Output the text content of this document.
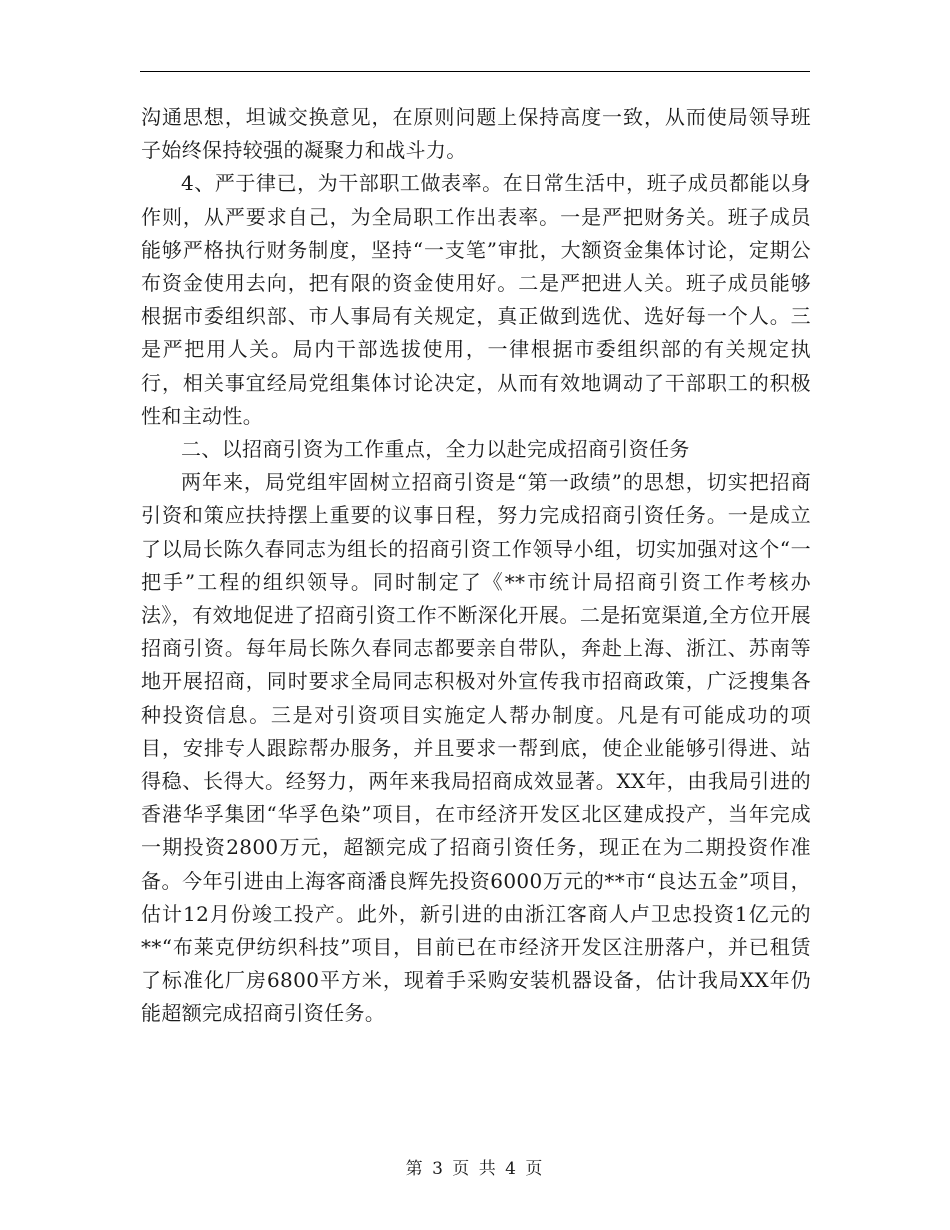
沟通思想，坦诚交换意见，在原则问题上保持高度一致，从而使局领导班子始终保持较强的凝聚力和战斗力。

4、严于律已，为干部职工做表率。在日常生活中，班子成员都能以身作则，从严要求自己，为全局职工作出表率。一是严把财务关。班子成员能够严格执行财务制度，坚持“一支笔”审批，大额资金集体讨论，定期公布资金使用去向，把有限的资金使用好。二是严把进人关。班子成员能够根据市委组织部、市人事局有关规定，真正做到选优、选好每一个人。三是严把用人关。局内干部选拔使用，一律根据市委组织部的有关规定执行，相关事宜经局党组集体讨论决定，从而有效地调动了干部职工的积极性和主动性。

二、以招商引资为工作重点，全力以赴完成招商引资任务

两年来，局党组牢固树立招商引资是“第一政绩”的思想，切实把招商引资和策应扶持摆上重要的议事日程，努力完成招商引资任务。一是成立了以局长陈久春同志为组长的招商引资工作领导小组，切实加强对这个“一把手”工程的组织领导。同时制定了《**市统计局招商引资工作考核办法》，有效地促进了招商引资工作不断深化开展。二是拓宽渠道,全方位开展招商引资。每年局长陈久春同志都要亲自带队，奔赴上海、浙江、苏南等地开展招商，同时要求全局同志积极对外宣传我市招商政策，广泛搜集各种投资信息。三是对引资项目实施定人帮办制度。凡是有可能成功的项目，安排专人跟踪帮办服务，并且要求一帮到底，使企业能够引得进、站得稳、长得大。经努力，两年来我局招商成效显著。XX年，由我局引进的香港华孚集团“华孚色染”项目，在市经济开发区北区建成投产，当年完成一期投资2800万元，超额完成了招商引资任务，现正在为二期投资作准备。今年引进由上海客商潘良辉先投资6000万元的**市“良达五金”项目，估计12月份竣工投产。此外，新引进的由浙江客商人卢卫忠投资1亿元的**“布莱克伊纺织科技”项目，目前已在市经济开发区注册落户，并已租赁了标准化厂房6800平方米，现着手采购安装机器设备，估计我局XX年仍能超额完成招商引资任务。

第 3 页 共 4 页
